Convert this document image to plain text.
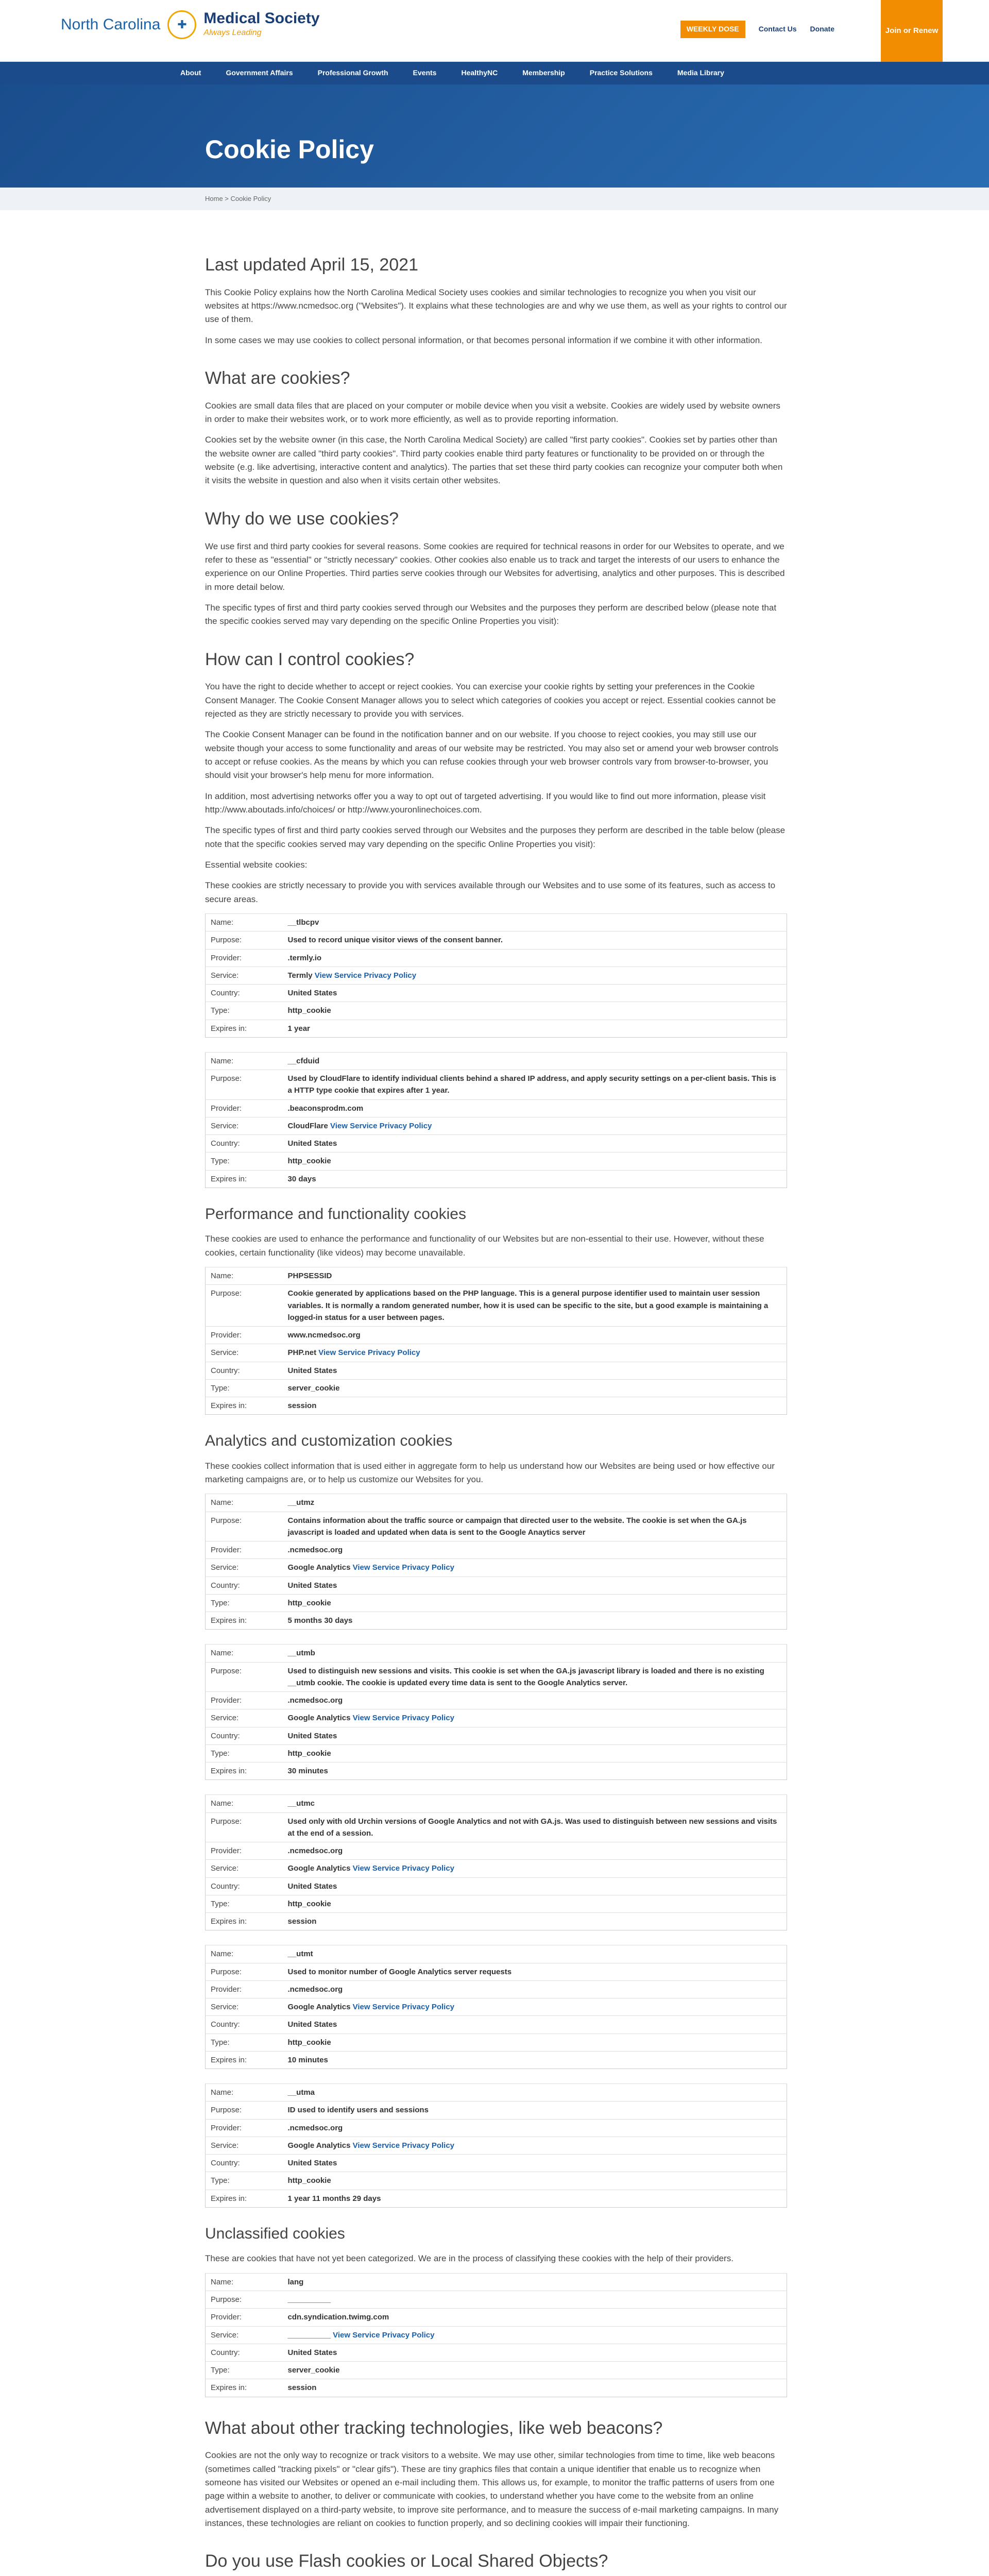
North Carolina	✚	Medical Society
Always Leading	WEEKLY DOSE	Contact Us Donate	Join or Renew
About	Government Affairs	Professional Growth	Events	HealthyNC	Membership	Practice Solutions	Media Library
Cookie Policy
Home > Cookie Policy
Last updated April 15, 2021

This Cookie Policy explains how the North Carolina Medical Society uses cookies and similar technologies to recognize you when you visit our websites at https://www.ncmedsoc.org ("Websites"). It explains what these technologies are and why we use them, as well as your rights to control our use of them.

In some cases we may use cookies to collect personal information, or that becomes personal information if we combine it with other information.

What are cookies?

Cookies are small data files that are placed on your computer or mobile device when you visit a website. Cookies are widely used by website owners in order to make their websites work, or to work more efficiently, as well as to provide reporting information.

Cookies set by the website owner (in this case, the North Carolina Medical Society) are called "first party cookies". Cookies set by parties other than the website owner are called "third party cookies". Third party cookies enable third party features or functionality to be provided on or through the website (e.g. like advertising, interactive content and analytics). The parties that set these third party cookies can recognize your computer both when it visits the website in question and also when it visits certain other websites.

Why do we use cookies?

We use first and third party cookies for several reasons. Some cookies are required for technical reasons in order for our Websites to operate, and we refer to these as "essential" or "strictly necessary" cookies. Other cookies also enable us to track and target the interests of our users to enhance the experience on our Online Properties. Third parties serve cookies through our Websites for advertising, analytics and other purposes. This is described in more detail below.

The specific types of first and third party cookies served through our Websites and the purposes they perform are described below (please note that the specific cookies served may vary depending on the specific Online Properties you visit):

How can I control cookies?

You have the right to decide whether to accept or reject cookies. You can exercise your cookie rights by setting your preferences in the Cookie Consent Manager. The Cookie Consent Manager allows you to select which categories of cookies you accept or reject. Essential cookies cannot be rejected as they are strictly necessary to provide you with services.

The Cookie Consent Manager can be found in the notification banner and on our website. If you choose to reject cookies, you may still use our website though your access to some functionality and areas of our website may be restricted. You may also set or amend your web browser controls to accept or refuse cookies. As the means by which you can refuse cookies through your web browser controls vary from browser-to-browser, you should visit your browser's help menu for more information.

In addition, most advertising networks offer you a way to opt out of targeted advertising. If you would like to find out more information, please visit http://www.aboutads.info/choices/ or http://www.youronlinechoices.com.

The specific types of first and third party cookies served through our Websites and the purposes they perform are described in the table below (please note that the specific cookies served may vary depending on the specific Online Properties you visit):

Essential website cookies:

These cookies are strictly necessary to provide you with services available through our Websites and to use some of its features, such as access to secure areas.

Name:	__tlbcpv
Purpose:	Used to record unique visitor views of the consent banner.
Provider:	.termly.io
Service:	Termly View Service Privacy Policy
Country:	United States
Type:	http_cookie
Expires in:	1 year
Name:	__cfduid
Purpose:	Used by CloudFlare to identify individual clients behind a shared IP address, and apply security settings on a per-client basis. This is a HTTP type cookie that expires after 1 year.
Provider:	.beaconsprodm.com
Service:	CloudFlare View Service Privacy Policy
Country:	United States
Type:	http_cookie
Expires in:	30 days
Performance and functionality cookies

These cookies are used to enhance the performance and functionality of our Websites but are non-essential to their use. However, without these cookies, certain functionality (like videos) may become unavailable.

Name:	PHPSESSID
Purpose:	Cookie generated by applications based on the PHP language. This is a general purpose identifier used to maintain user session variables. It is normally a random generated number, how it is used can be specific to the site, but a good example is maintaining a logged-in status for a user between pages.
Provider:	www.ncmedsoc.org
Service:	PHP.net View Service Privacy Policy
Country:	United States
Type:	server_cookie
Expires in:	session
Analytics and customization cookies

These cookies collect information that is used either in aggregate form to help us understand how our Websites are being used or how effective our marketing campaigns are, or to help us customize our Websites for you.

Name:	__utmz
Purpose:	Contains information about the traffic source or campaign that directed user to the website. The cookie is set when the GA.js javascript is loaded and updated when data is sent to the Google Anaytics server
Provider:	.ncmedsoc.org
Service:	Google Analytics View Service Privacy Policy
Country:	United States
Type:	http_cookie
Expires in:	5 months 30 days
Name:	__utmb
Purpose:	Used to distinguish new sessions and visits. This cookie is set when the GA.js javascript library is loaded and there is no existing __utmb cookie. The cookie is updated every time data is sent to the Google Analytics server.
Provider:	.ncmedsoc.org
Service:	Google Analytics View Service Privacy Policy
Country:	United States
Type:	http_cookie
Expires in:	30 minutes
Name:	__utmc
Purpose:	Used only with old Urchin versions of Google Analytics and not with GA.js. Was used to distinguish between new sessions and visits at the end of a session.
Provider:	.ncmedsoc.org
Service:	Google Analytics View Service Privacy Policy
Country:	United States
Type:	http_cookie
Expires in:	session
Name:	__utmt
Purpose:	Used to monitor number of Google Analytics server requests
Provider:	.ncmedsoc.org
Service:	Google Analytics View Service Privacy Policy
Country:	United States
Type:	http_cookie
Expires in:	10 minutes
Name:	__utma
Purpose:	ID used to identify users and sessions
Provider:	.ncmedsoc.org
Service:	Google Analytics View Service Privacy Policy
Country:	United States
Type:	http_cookie
Expires in:	1 year 11 months 29 days
Unclassified cookies

These are cookies that have not yet been categorized. We are in the process of classifying these cookies with the help of their providers.

Name:	lang
Purpose:	__________
Provider:	cdn.syndication.twimg.com
Service:	__________ View Service Privacy Policy
Country:	United States
Type:	server_cookie
Expires in:	session
What about other tracking technologies, like web beacons?

Cookies are not the only way to recognize or track visitors to a website. We may use other, similar technologies from time to time, like web beacons (sometimes called "tracking pixels" or "clear gifs"). These are tiny graphics files that contain a unique identifier that enable us to recognize when someone has visited our Websites or opened an e-mail including them. This allows us, for example, to monitor the traffic patterns of users from one page within a website to another, to deliver or communicate with cookies, to understand whether you have come to the website from an online advertisement displayed on a third-party website, to improve site performance, and to measure the success of e-mail marketing campaigns. In many instances, these technologies are reliant on cookies to function properly, and so declining cookies will impair their functioning.

Do you use Flash cookies or Local Shared Objects?
